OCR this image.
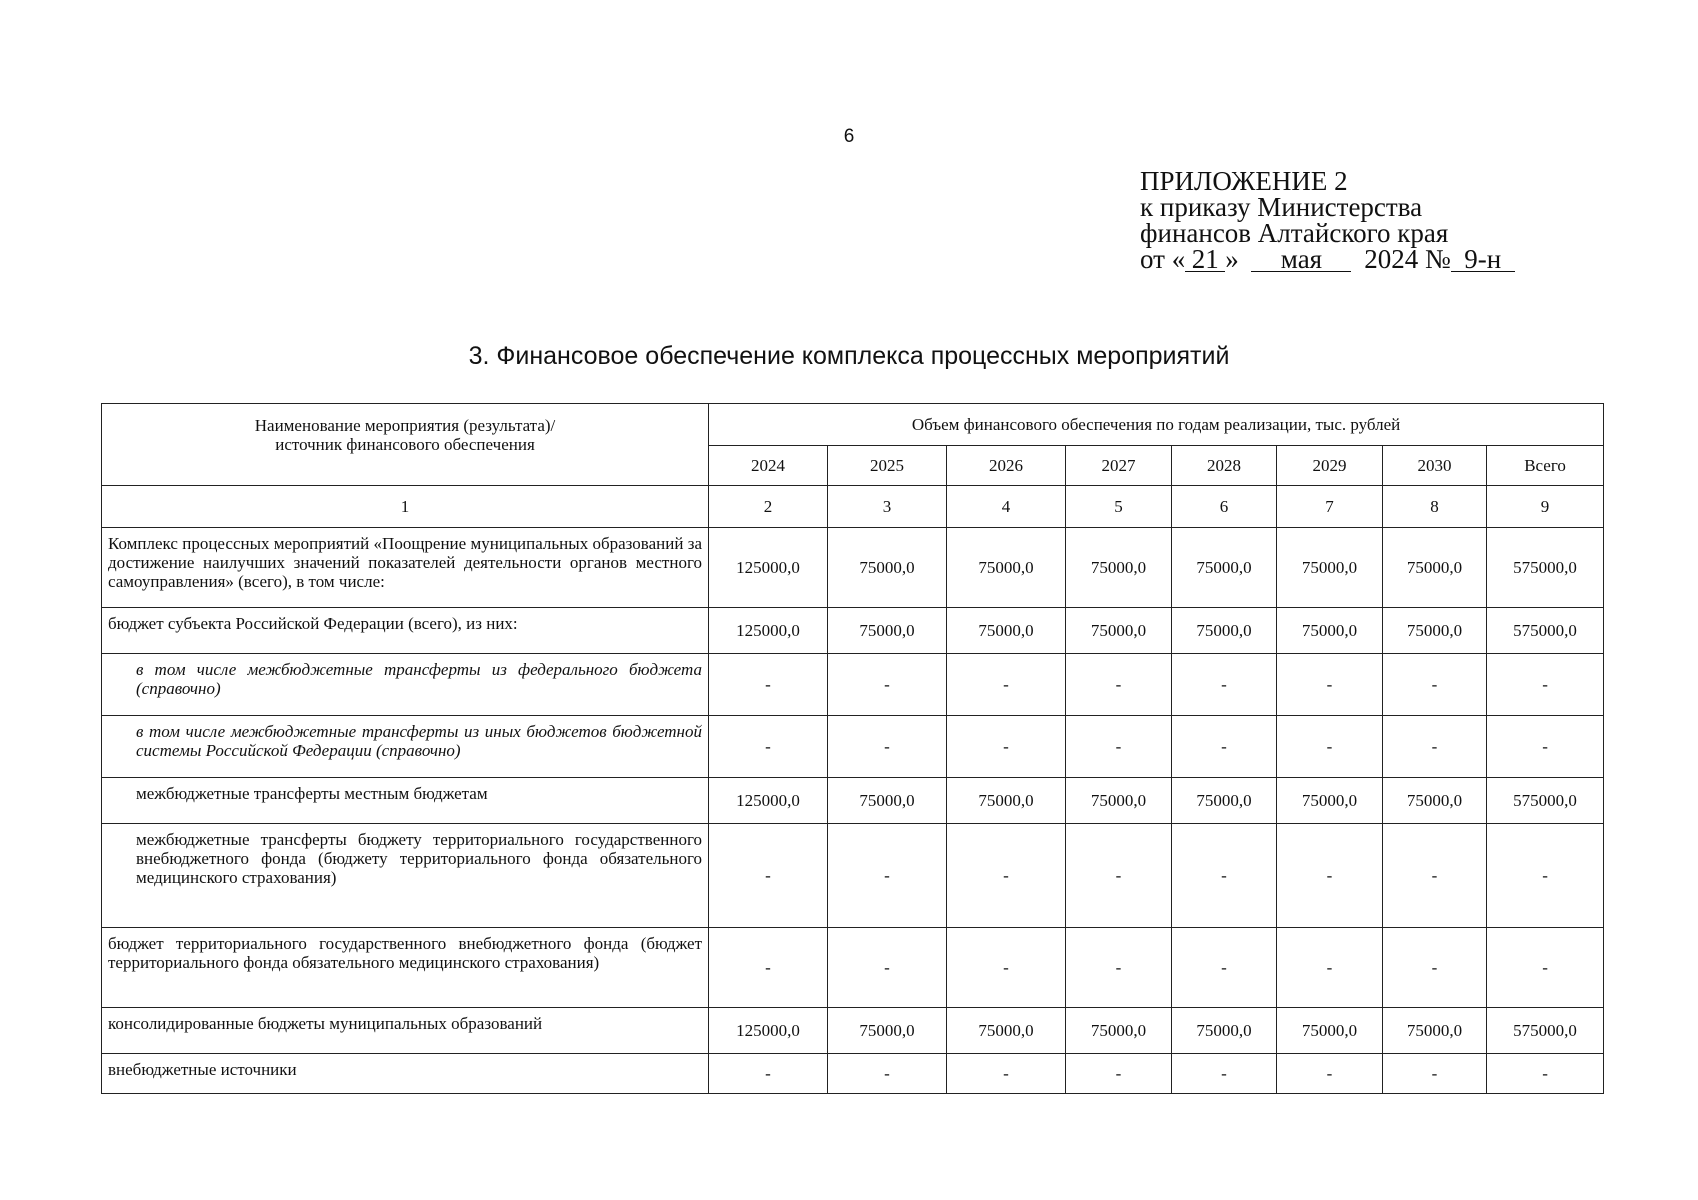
6
ПРИЛОЖЕНИЕ 2
к приказу Министерства
финансов Алтайского края
от « 21 » мая 2024 № 9-н
3. Финансовое обеспечение комплекса процессных мероприятий
Наименование мероприятия (результата)/
источник финансового обеспечения	Объем финансового обеспечения по годам реализации, тыс. рублей							
	2024	2025	2026	2027	2028	2029	2030	Всего
1	2	3	4	5	6	7	8	9
Комплекс процессных мероприятий «Поощрение муниципальных образований за достижение наилучших значений показателей деятельности органов местного самоуправления» (всего), в том числе:	125000,0	75000,0	75000,0	75000,0	75000,0	75000,0	75000,0	575000,0
бюджет субъекта Российской Федерации (всего), из них:	125000,0	75000,0	75000,0	75000,0	75000,0	75000,0	75000,0	575000,0
в том числе межбюджетные трансферты из федерального бюджета (справочно)	-	-	-	-	-	-	-	-
в том числе межбюджетные трансферты из иных бюджетов бюджетной системы Российской Федерации (справочно)	-	-	-	-	-	-	-	-
межбюджетные трансферты местным бюджетам	125000,0	75000,0	75000,0	75000,0	75000,0	75000,0	75000,0	575000,0
межбюджетные трансферты бюджету территориального государственного внебюджетного фонда (бюджету территориального фонда обязательного медицинского страхования)	-	-	-	-	-	-	-	-
бюджет территориального государственного внебюджетного фонда (бюджет территориального фонда обязательного медицинского страхования)	-	-	-	-	-	-	-	-
консолидированные бюджеты муниципальных образований	125000,0	75000,0	75000,0	75000,0	75000,0	75000,0	75000,0	575000,0
внебюджетные источники	-	-	-	-	-	-	-	-
